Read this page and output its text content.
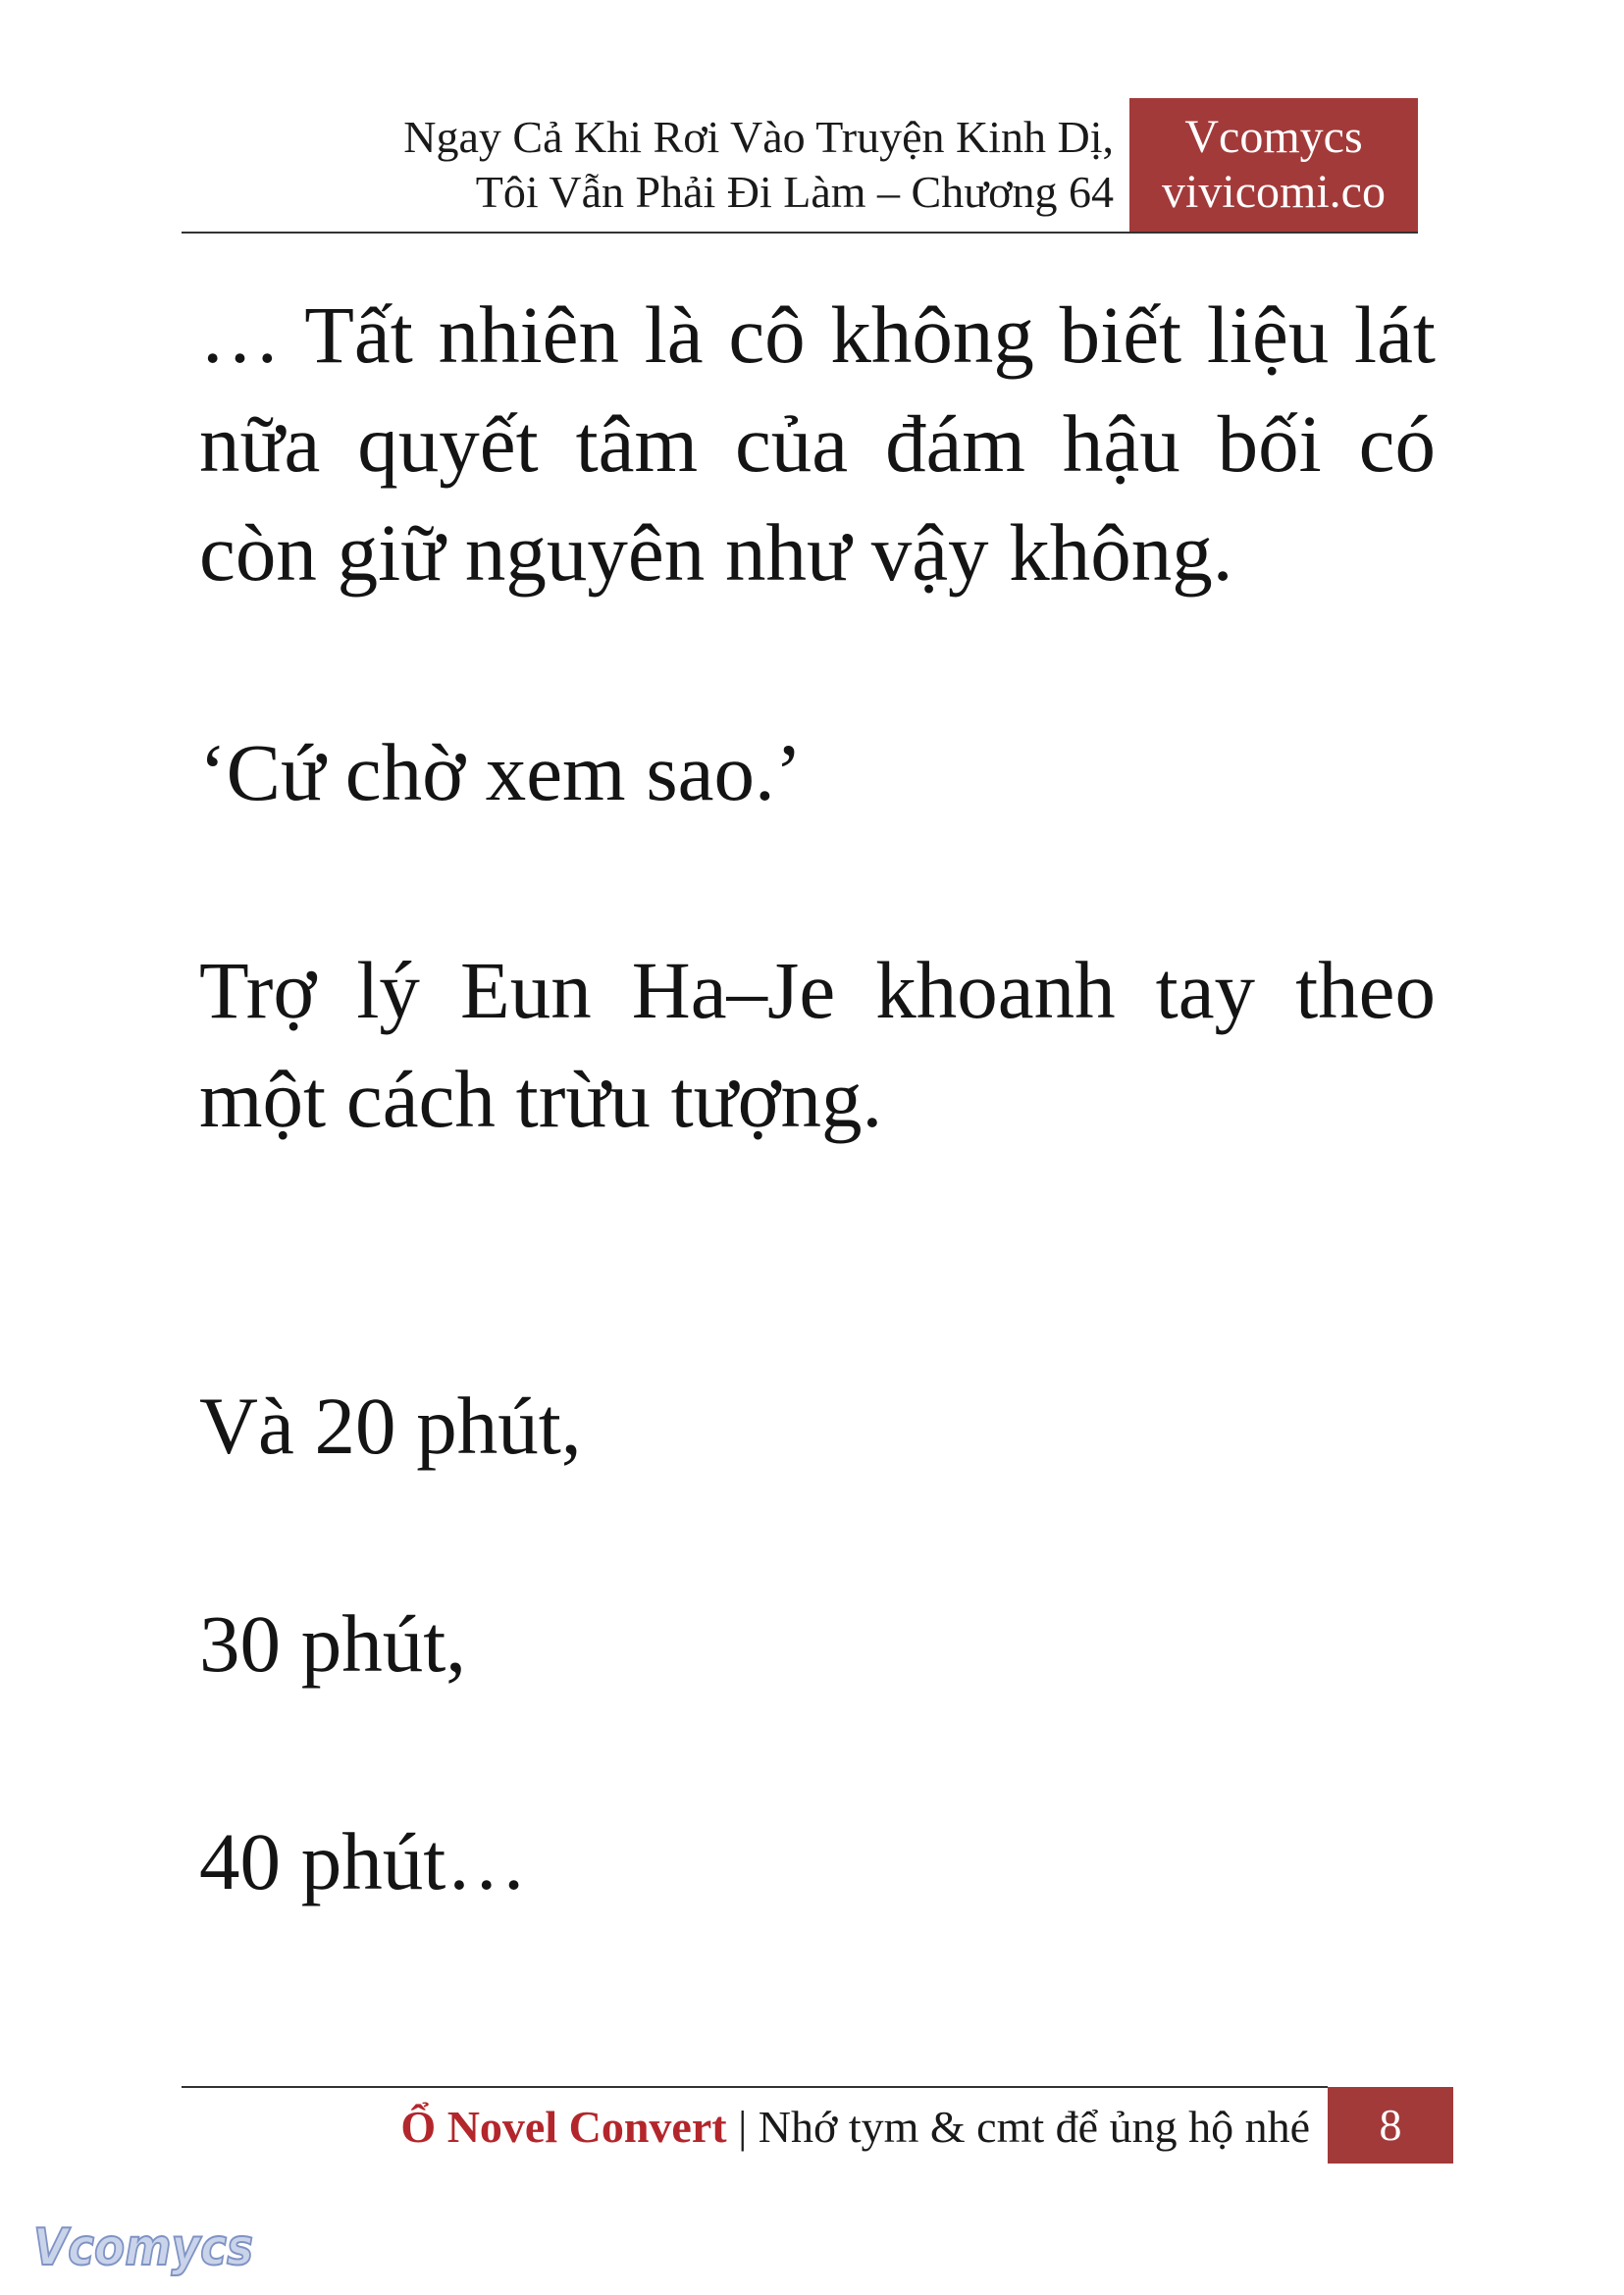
Ngay Cả Khi Rơi Vào Truyện Kinh Dị,
Tôi Vẫn Phải Đi Làm – Chương 64
Vcomycs
vivicomi.co

… Tất nhiên là cô không biết liệu lát nữa quyết tâm của đám hậu bối có còn giữ nguyên như vậy không.

‘Cứ chờ xem sao.’

Trợ lý Eun Ha–Je khoanh tay theo một cách trừu tượng.

Và 20 phút,

30 phút,

40 phút…

Ổ Novel Convert | Nhớ tym & cmt để ủng hộ nhé	8
Vcomycs
